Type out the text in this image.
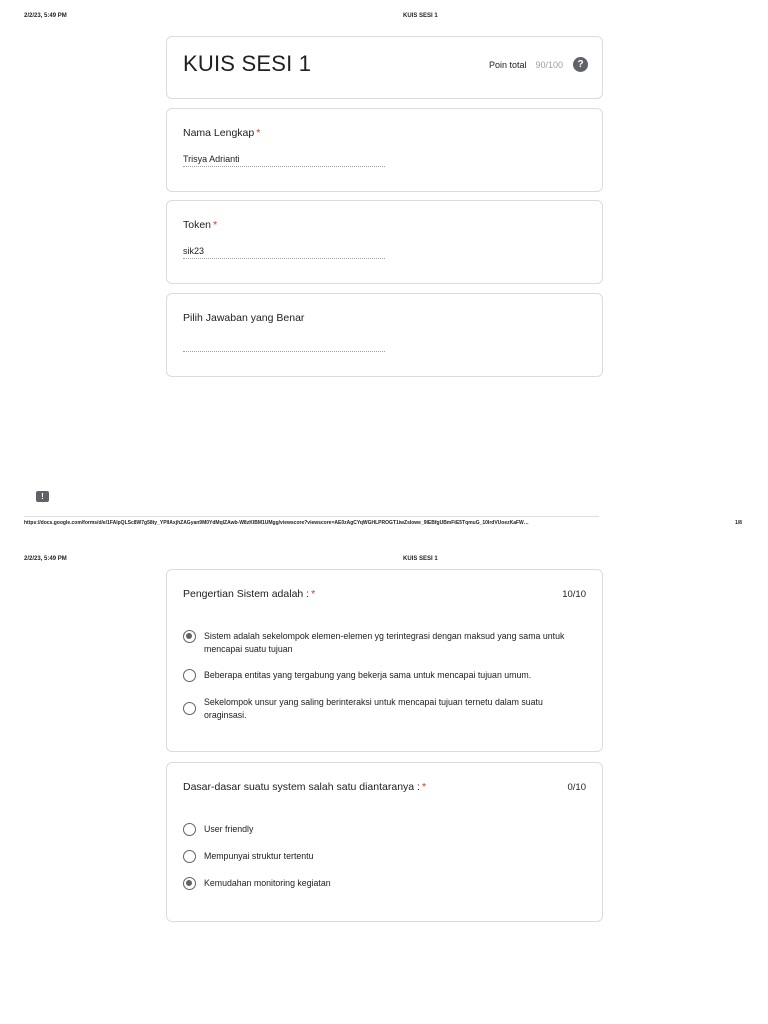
2/2/23, 5:49 PM	KUIS SESI 1
KUIS SESI 1	Poin total 90/100	?
Nama Lengkap *
Trisya Adrianti
Token *
sik23
Pilih Jawaban yang Benar
!
https://docs.google.com/forms/d/e/1FAIpQLSc8W7g58ty_YPlIAxjhZAGyan9M0YdMqlZAwb-W8zKIBM1UMgg/viewscore?viewscore=AE0zAgCYqWGHLPROGT1iwZsIowe_9IEBfgUBmFtE5TqmuG_10IrdVUoezKaFW…	1/8
2/2/23, 5:49 PM	KUIS SESI 1
Pengertian Sistem adalah : *	10/10
Sistem adalah sekelompok elemen-elemen yg terintegrasi dengan maksud yang sama untuk mencapai suatu tujuan
Beberapa entitas yang tergabung yang bekerja sama untuk mencapai tujuan umum.
Sekelompok unsur yang saling berinteraksi untuk mencapai tujuan ternetu dalam suatu oraginsasi.
Dasar-dasar suatu system salah satu diantaranya : *	0/10
User friendly
Mempunyai struktur tertentu
Kemudahan monitoring kegiatan
